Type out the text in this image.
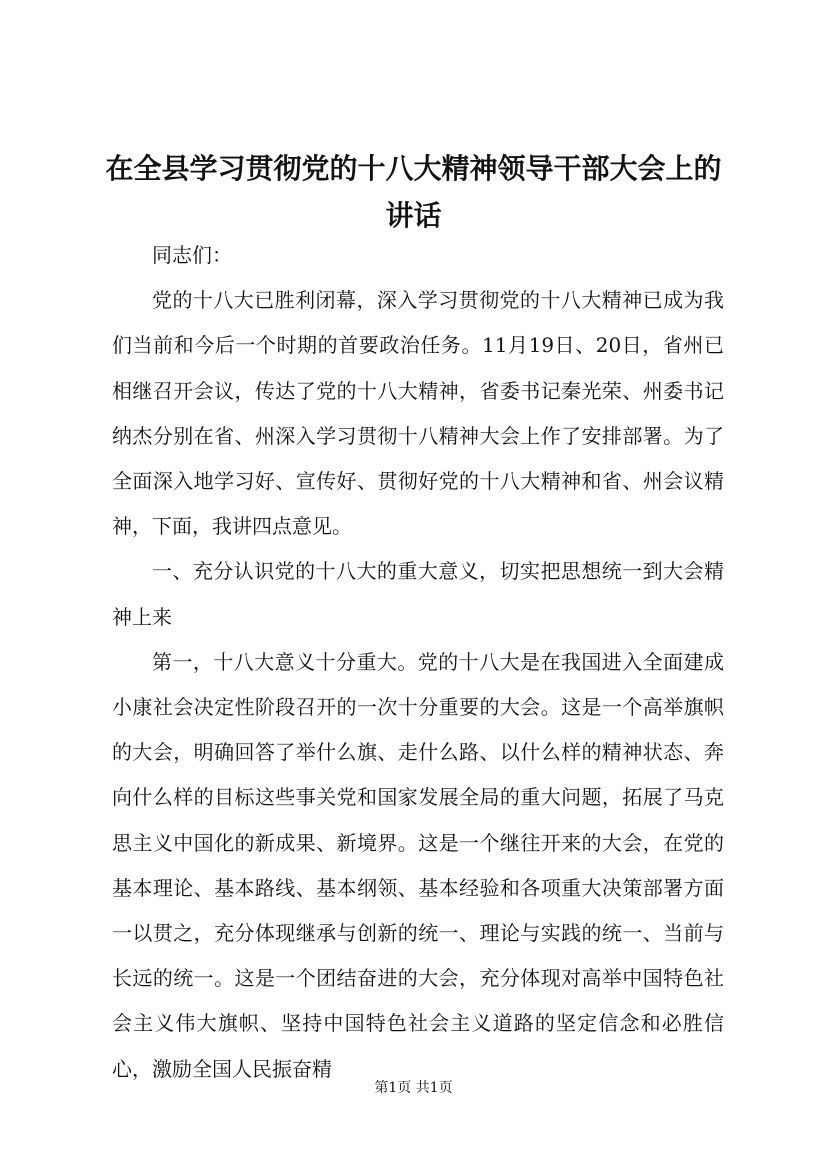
在全县学习贯彻党的十八大精神领导干部大会上的讲话

同志们：

党的十八大已胜利闭幕，深入学习贯彻党的十八大精神已成为我们当前和今后一个时期的首要政治任务。11月19日、20日，省州已相继召开会议，传达了党的十八大精神，省委书记秦光荣、州委书记纳杰分别在省、州深入学习贯彻十八精神大会上作了安排部署。为了全面深入地学习好、宣传好、贯彻好党的十八大精神和省、州会议精神，下面，我讲四点意见。

一、充分认识党的十八大的重大意义，切实把思想统一到大会精神上来

第一，十八大意义十分重大。党的十八大是在我国进入全面建成小康社会决定性阶段召开的一次十分重要的大会。这是一个高举旗帜的大会，明确回答了举什么旗、走什么路、以什么样的精神状态、奔向什么样的目标这些事关党和国家发展全局的重大问题，拓展了马克思主义中国化的新成果、新境界。这是一个继往开来的大会，在党的基本理论、基本路线、基本纲领、基本经验和各项重大决策部署方面一以贯之，充分体现继承与创新的统一、理论与实践的统一、当前与长远的统一。这是一个团结奋进的大会，充分体现对高举中国特色社会主义伟大旗帜、坚持中国特色社会主义道路的坚定信念和必胜信心，激励全国人民振奋精

第1页 共1页
